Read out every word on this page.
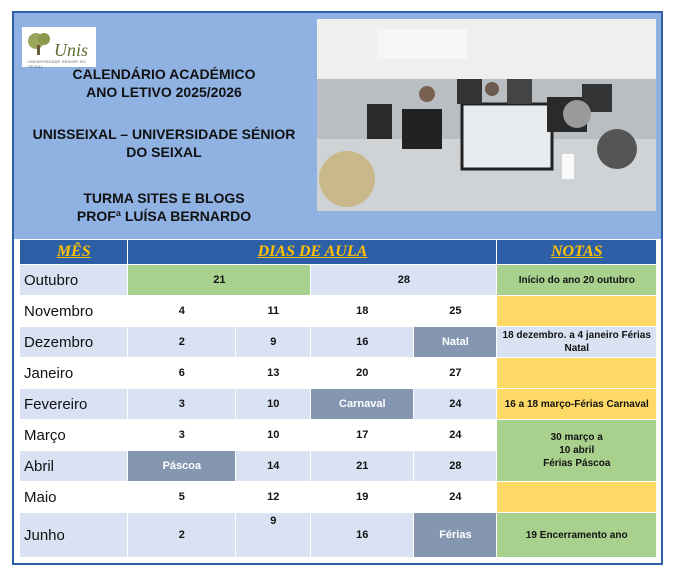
Unis
UNIVERSIDADE SÉNIOR DO SEIXAL	CALENDÁRIO ACADÉMICO
ANO LETIVO 2025/2026
UNISSEIXAL – UNIVERSIDADE SÉNIOR
DO SEIXAL
TURMA SITES E BLOGS
PROFª LUÍSA BERNARDO
MÊS	DIAS DE AULA				NOTAS
Outubro	21		28		Início do ano 20 outubro
Novembro	4	11	18	25	
Dezembro	2	9	16	Natal	18 dezembro. a 4 janeiro Férias Natal
Janeiro	6	13	20	27	
Fevereiro	3	10	Carnaval	24	16 a 18 março-Férias Carnaval
Março	3	10	17	24	30 março a
10 abril
Férias Páscoa

Abril	Páscoa	14	21	28	
Maio	5	12	19	24	
Junho	2	9	16	Férias	19 Encerramento ano
